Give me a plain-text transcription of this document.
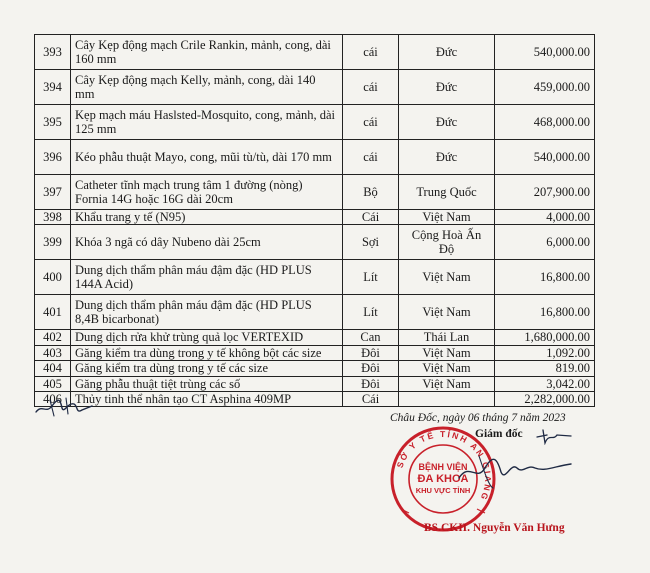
393	Cây Kẹp động mạch Crile Rankin, mảnh, cong, dài 160 mm	cái	Đức	540,000.00
394	Cây Kẹp động mạch Kelly, mảnh, cong, dài 140 mm	cái	Đức	459,000.00
395	Kẹp mạch máu Haslsted-Mosquito, cong, mảnh, dài 125 mm	cái	Đức	468,000.00
396	Kéo phẫu thuật Mayo, cong, mũi tù/tù, dài 170 mm	cái	Đức	540,000.00
397	Catheter tĩnh mạch trung tâm 1 đường (nòng) Fornia 14G hoặc 16G dài 20cm	Bộ	Trung Quốc	207,900.00
398	Khẩu trang y tế (N95)	Cái	Việt Nam	4,000.00
399	Khóa 3 ngã có dây Nubeno dài 25cm	Sợi	Cộng Hoà Ấn Độ	6,000.00
400	Dung dịch thẩm phân máu đậm đặc (HD PLUS 144A Acid)	Lít	Việt Nam	16,800.00
401	Dung dịch thẩm phân máu đậm đặc (HD PLUS 8,4B bicarbonat)	Lít	Việt Nam	16,800.00
402	Dung dịch rửa khử trùng quả lọc VERTEXID	Can	Thái Lan	1,680,000.00
403	Găng kiểm tra dùng trong y tế không bột các size	Đôi	Việt Nam	1,092.00
404	Găng kiểm tra dùng trong y tế các size	Đôi	Việt Nam	819.00
405	Găng phẫu thuật tiệt trùng các số	Đôi	Việt Nam	3,042.00
406	Thủy tinh thể nhân tạo CT Asphina 409MP	Cái		2,282,000.00
Châu Đốc, ngày 06 tháng 7 năm 2023
Giám đốc
SỞ Y TẾ TỈNH AN GIANG
BỆNH VIỆN
ĐA KHOA
KHU VỰC TỈNH
BS.CKII. Nguyễn Văn Hưng
